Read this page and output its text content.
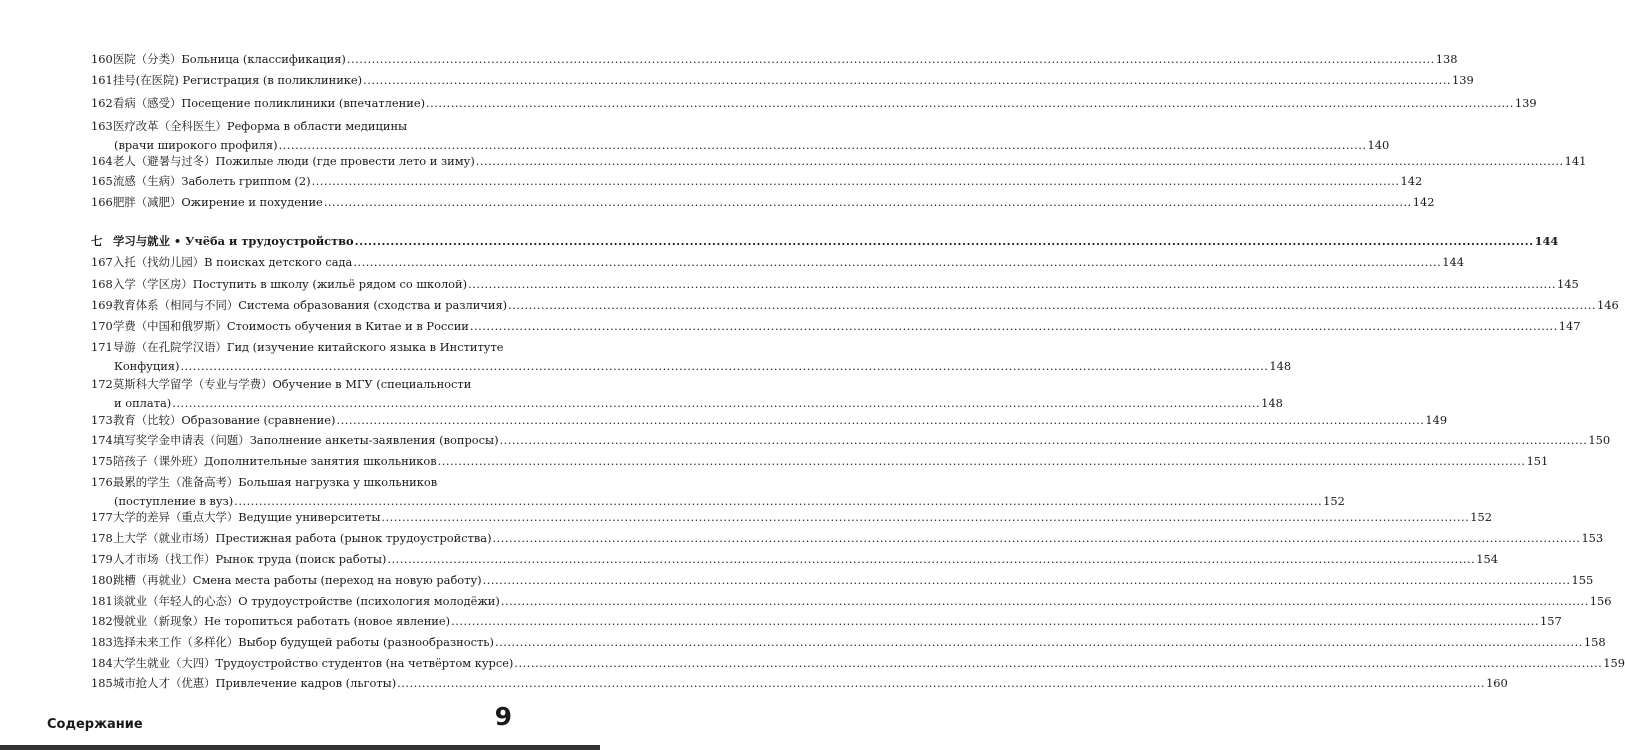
160 医院（分类）Больница (классификация) .....	138
161 挂号(在医院) Регистрация (в поликлинике) .....	139
162 看病（感受）Посещение поликлиники (впечатление) .....	139
163 医疗改革（全科医生）Реформа в области медицины
(врачи широкого профиля) .....	140
164 老人（避暑与过冬）Пожилые люди (где провести лето и зиму) .....	141
165 流感（生病）Заболеть гриппом (2) .....	142
166 肥胖（减肥）Ожирение и похудение .....	142
七 学习与就业 • Учёба и трудоустройство .....	144
167 入托（找幼儿园）В поисках детского сада .....	144
168 入学（学区房）Поступить в школу (жильё рядом со школой) .....	145
169 教育体系（相同与不同）Система образования (сходства и различия) .....	146
170 学费（中国和俄罗斯）Стоимость обучения в Китае и в России .....	147
171 导游（在孔院学汉语）Гид (изучение китайского языка в Институте
Конфуция) .....	148
172 莫斯科大学留学（专业与学费）Обучение в МГУ (специальности
и оплата) .....	148
173 教育（比较）Образование (сравнение) .....	149
174 填写奖学金申请表（问题）Заполнение анкеты-заявления (вопросы) .....	150
175 陪孩子（课外班）Дополнительные занятия школьников .....	151
176 最累的学生（准备高考）Большая нагрузка у школьников
(поступление в вуз) .....	152
177 大学的差异（重点大学）Ведущие университеты .....	152
178 上大学（就业市场）Престижная работа (рынок трудоустройства) .....	153
179 人才市场（找工作）Рынок труда (поиск работы) .....	154
180 跳槽（再就业）Смена места работы (переход на новую работу) .....	155
181 谈就业（年轻人的心态）О трудоустройстве (психология молодёжи) .....	156
182 慢就业（新现象）Не торопиться работать (новое явление) .....	157
183 选择未来工作（多样化）Выбор будущей работы (разнообразность) .....	158
184 大学生就业（大四）Трудоустройство студентов (на четвёртом курсе) .....	159
185 城市抢人才（优惠）Привлечение кадров (льготы) .....	160
Содержание	9
